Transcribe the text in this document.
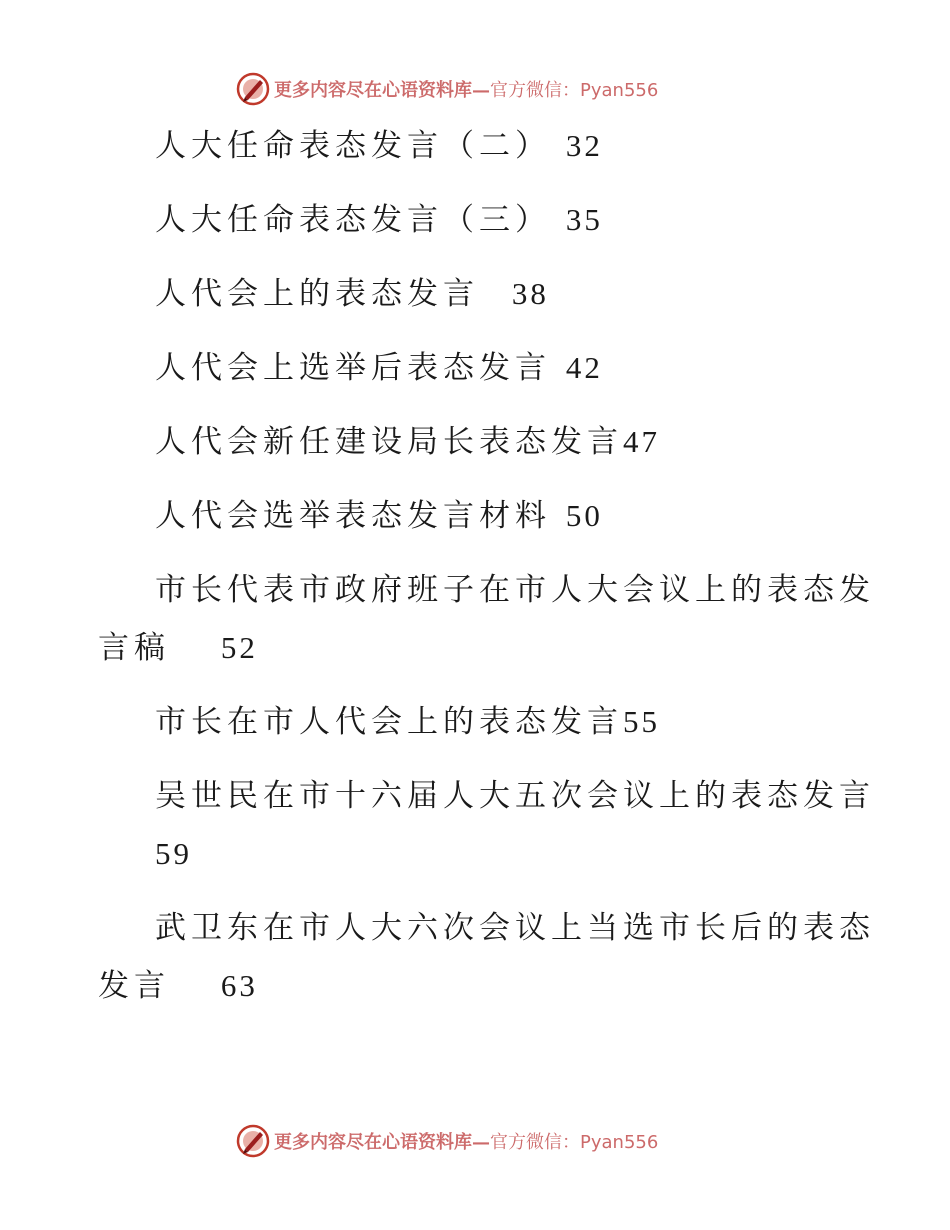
更多内容尽在心语资料库— 官方微信：Pyan556
人大任命表态发言（二） 32
人大任命表态发言（三） 35
人代会上的表态发言 38
人代会上选举后表态发言 42
人代会新任建设局长表态发言47
人代会选举表态发言材料 50
市长代表市政府班子在市人大会议上的表态发
言稿 52
市长在市人代会上的表态发言55
吴世民在市十六届人大五次会议上的表态发言
59
武卫东在市人大六次会议上当选市长后的表态
发言 63
更多内容尽在心语资料库— 官方微信：Pyan556
